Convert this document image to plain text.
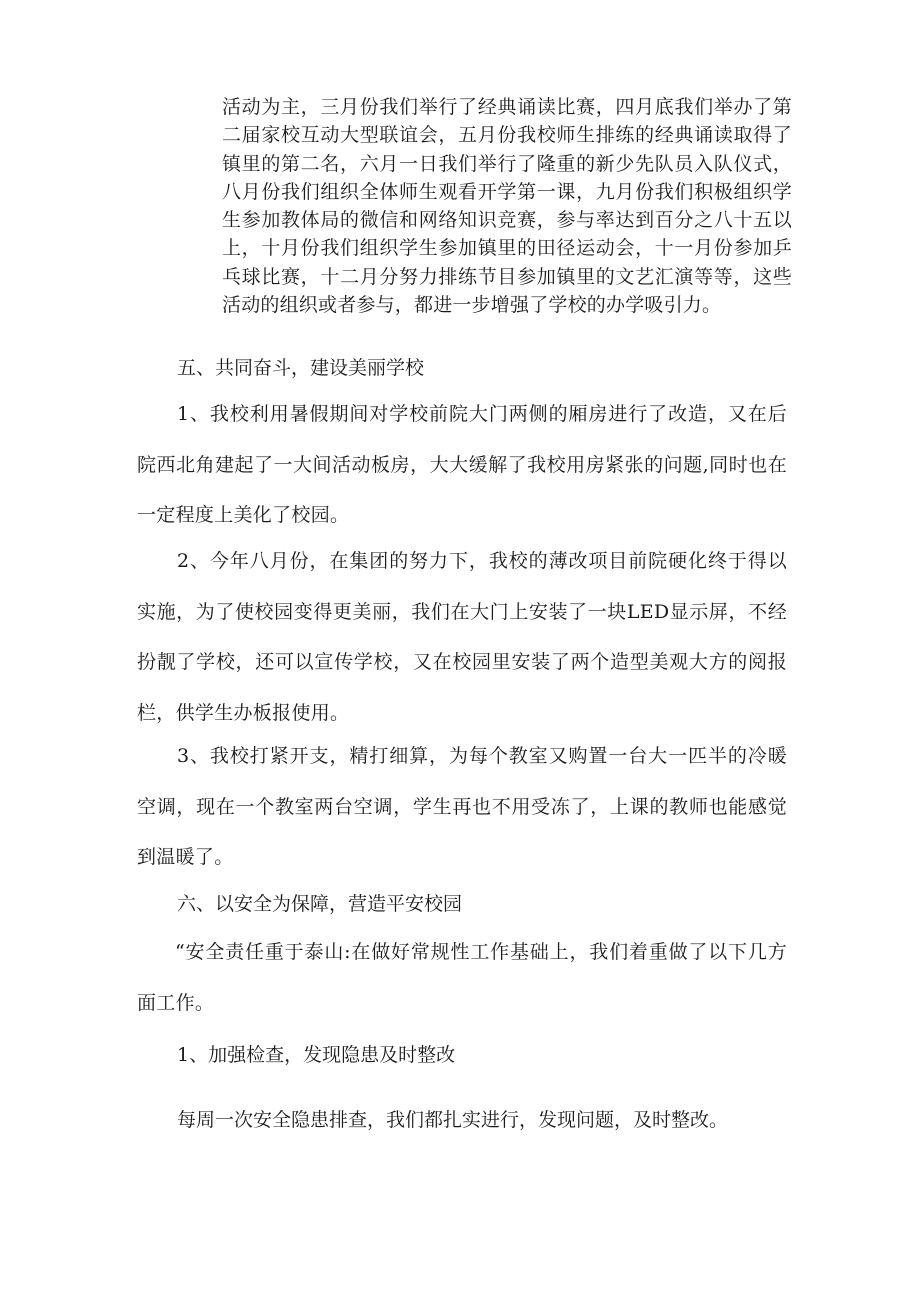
活动为主，三月份我们举行了经典诵读比赛，四月底我们举办了第二届家校互动大型联谊会，五月份我校师生排练的经典诵读取得了镇里的第二名，六月一日我们举行了隆重的新少先队员入队仪式，八月份我们组织全体师生观看开学第一课，九月份我们积极组织学生参加教体局的微信和网络知识竞赛，参与率达到百分之八十五以上，十月份我们组织学生参加镇里的田径运动会，十一月份参加乒乓球比赛，十二月分努力排练节目参加镇里的文艺汇演等等，这些活动的组织或者参与，都进一步增强了学校的办学吸引力。

五、共同奋斗，建设美丽学校

1、我校利用暑假期间对学校前院大门两侧的厢房进行了改造，又在后院西北角建起了一大间活动板房，大大缓解了我校用房紧张的问题,同时也在一定程度上美化了校园。

2、今年八月份，在集团的努力下，我校的薄改项目前院硬化终于得以实施，为了使校园变得更美丽，我们在大门上安装了一块LED显示屏，不经扮靓了学校，还可以宣传学校，又在校园里安装了两个造型美观大方的阅报栏，供学生办板报使用。

3、我校打紧开支，精打细算，为每个教室又购置一台大一匹半的冷暖空调，现在一个教室两台空调，学生再也不用受冻了，上课的教师也能感觉到温暖了。

六、以安全为保障，营造平安校园

“安全责任重于泰山:在做好常规性工作基础上，我们着重做了以下几方面工作。

1、加强检查，发现隐患及时整改
每周一次安全隐患排查，我们都扎实进行，发现问题，及时整改。
